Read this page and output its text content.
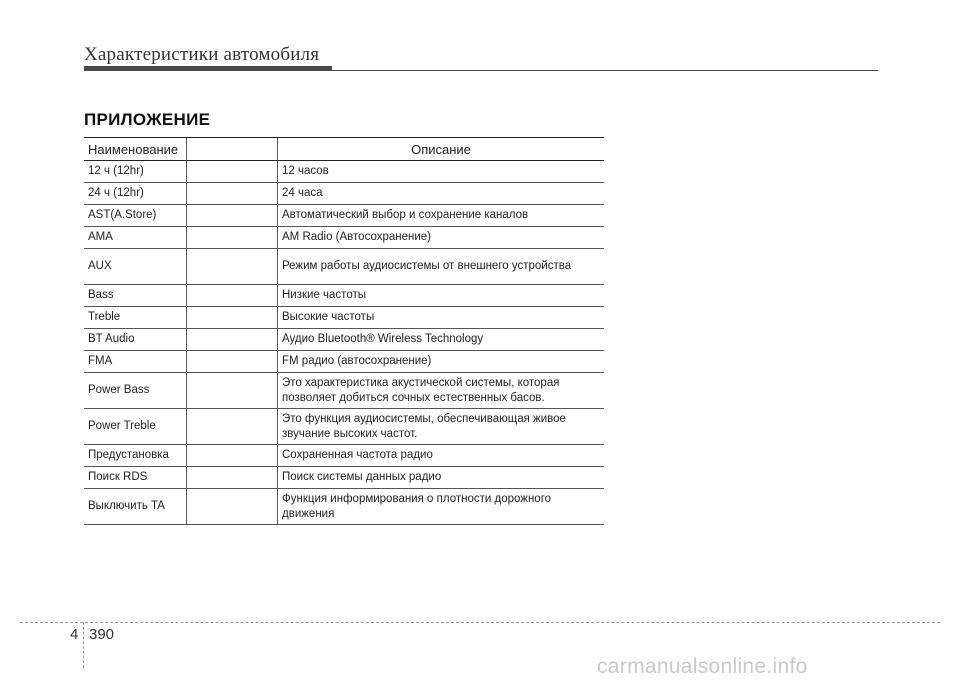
Характеристики автомобиля
ПРИЛОЖЕНИЕ
Наименование		Описание
12 ч (12hr)		12 часов
24 ч (12hr)		24 часа
AST(A.Store)		Автоматический выбор и сохранение каналов
AMA		AM Radio (Автосохранение)
AUX		Режим работы аудиосистемы от внешнего устройства
Bass		Низкие частоты
Treble		Высокие частоты
BT Audio		Аудио Bluetooth® Wireless Technology
FMA		FM радио (автосохранение)
Power Bass		Это характеристика акустической системы, которая позволяет добиться сочных естественных басов.
Power Treble		Это функция аудиосистемы, обеспечивающая живое звучание высоких частот.
Предустановка		Сохраненная частота радио
Поиск RDS		Поиск системы данных радио
Выключить TA		Функция информирования о плотности дорожного движения
4 390
carmanualsonline.info
